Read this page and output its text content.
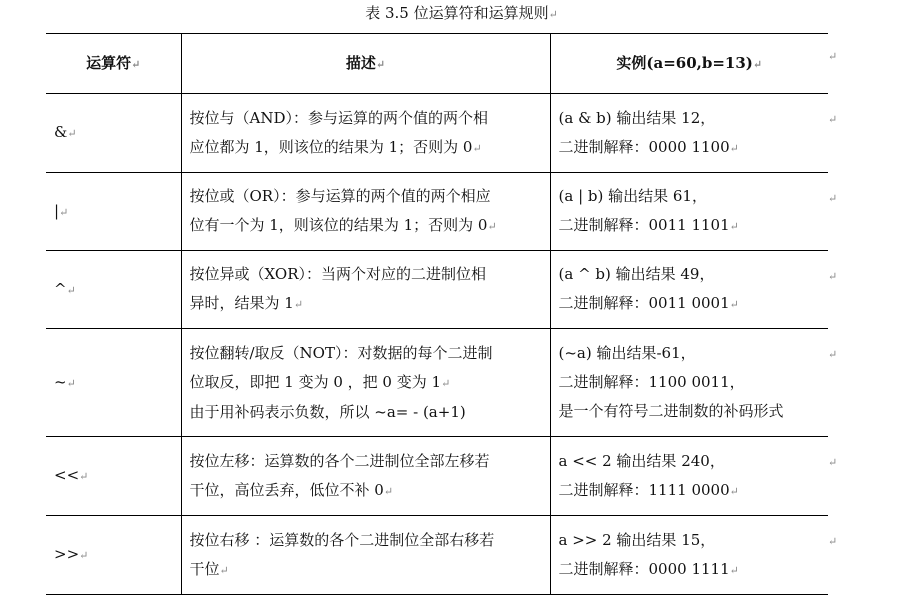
表 3.5 位运算符和运算规则↵
运算符↵	描述↵	实例(a=60,b=13)↵
&↵	按位与（AND）：参与运算的两个值的两个相
应位都为 1，则该位的结果为 1；否则为 0↵	(a & b) 输出结果 12，
二进制解释：0000 1100↵

|↵	按位或（OR）：参与运算的两个值的两个相应
位有一个为 1，则该位的结果为 1；否则为 0↵	(a | b) 输出结果 61，
二进制解释：0011 1101↵

^↵	按位异或（XOR）：当两个对应的二进制位相
异时，结果为 1↵	(a ^ b) 输出结果 49，
二进制解释：0011 0001↵

~↵	按位翻转/取反（NOT）：对数据的每个二进制
位取反，即把 1 变为 0 ，把 0 变为 1↵
由于用补码表示负数，所以 ~a= - (a+1)	(~a) 输出结果-61，
二进制解释：1100 0011，
是一个有符号二进制数的补码形式

<<↵	按位左移：运算数的各个二进制位全部左移若
干位，高位丢弃，低位不补 0↵	a << 2 输出结果 240，
二进制解释：1111 0000↵

>>↵	按位右移 ：运算数的各个二进制位全部右移若
干位↵	a >> 2 输出结果 15，
二进制解释：0000 1111↵
↵
↵
↵
↵
↵
↵
↵
